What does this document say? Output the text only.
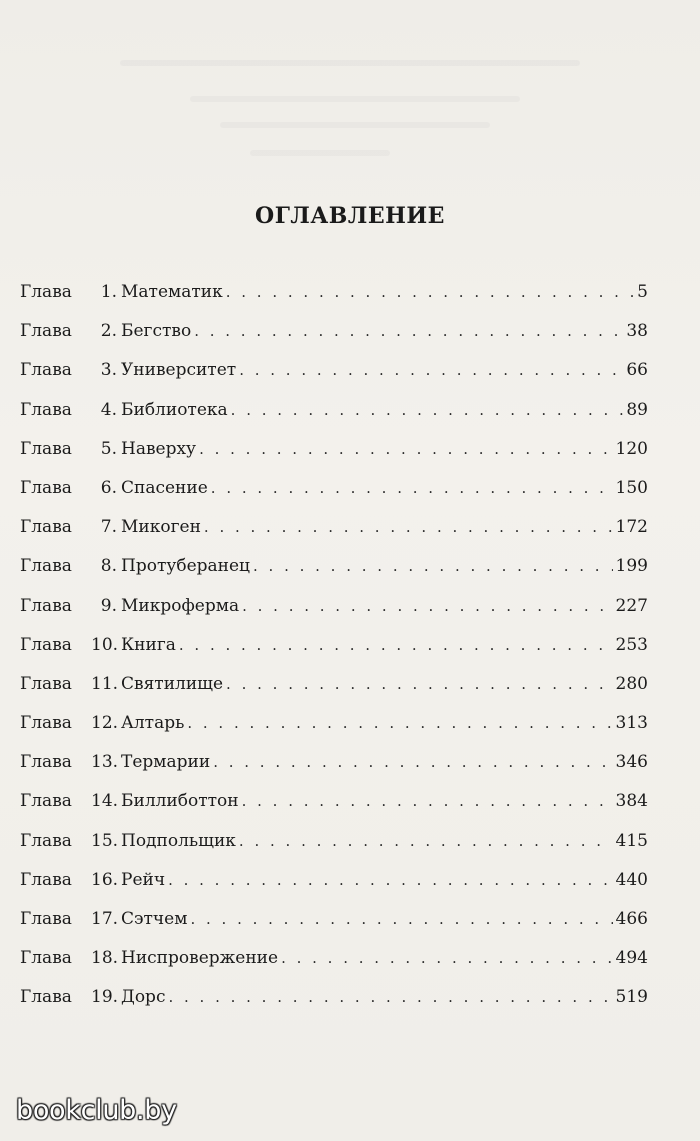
ОГЛАВЛЕНИЕ
Глава	1. Математик . . .	5
Глава	2. Бегство . . .	38
Глава	3. Университет . . .	66
Глава	4. Библиотека . . .	89
Глава	5. Наверху . . .	120
Глава	6. Спасение . . .	150
Глава	7. Микоген . . .	172
Глава	8. Протуберанец . . .	199
Глава	9. Микроферма . . .	227
Глава	10. Книга . . .	253
Глава	11. Святилище . . .	280
Глава	12. Алтарь . . .	313
Глава	13. Термарии . . .	346
Глава	14. Биллиботтон . . .	384
Глава	15. Подпольщик . . .	415
Глава	16. Рейч . . .	440
Глава	17. Сэтчем . . .	466
Глава	18. Ниспровержение . . .	494
Глава	19. Дорс . . .	519
bookclub.by
